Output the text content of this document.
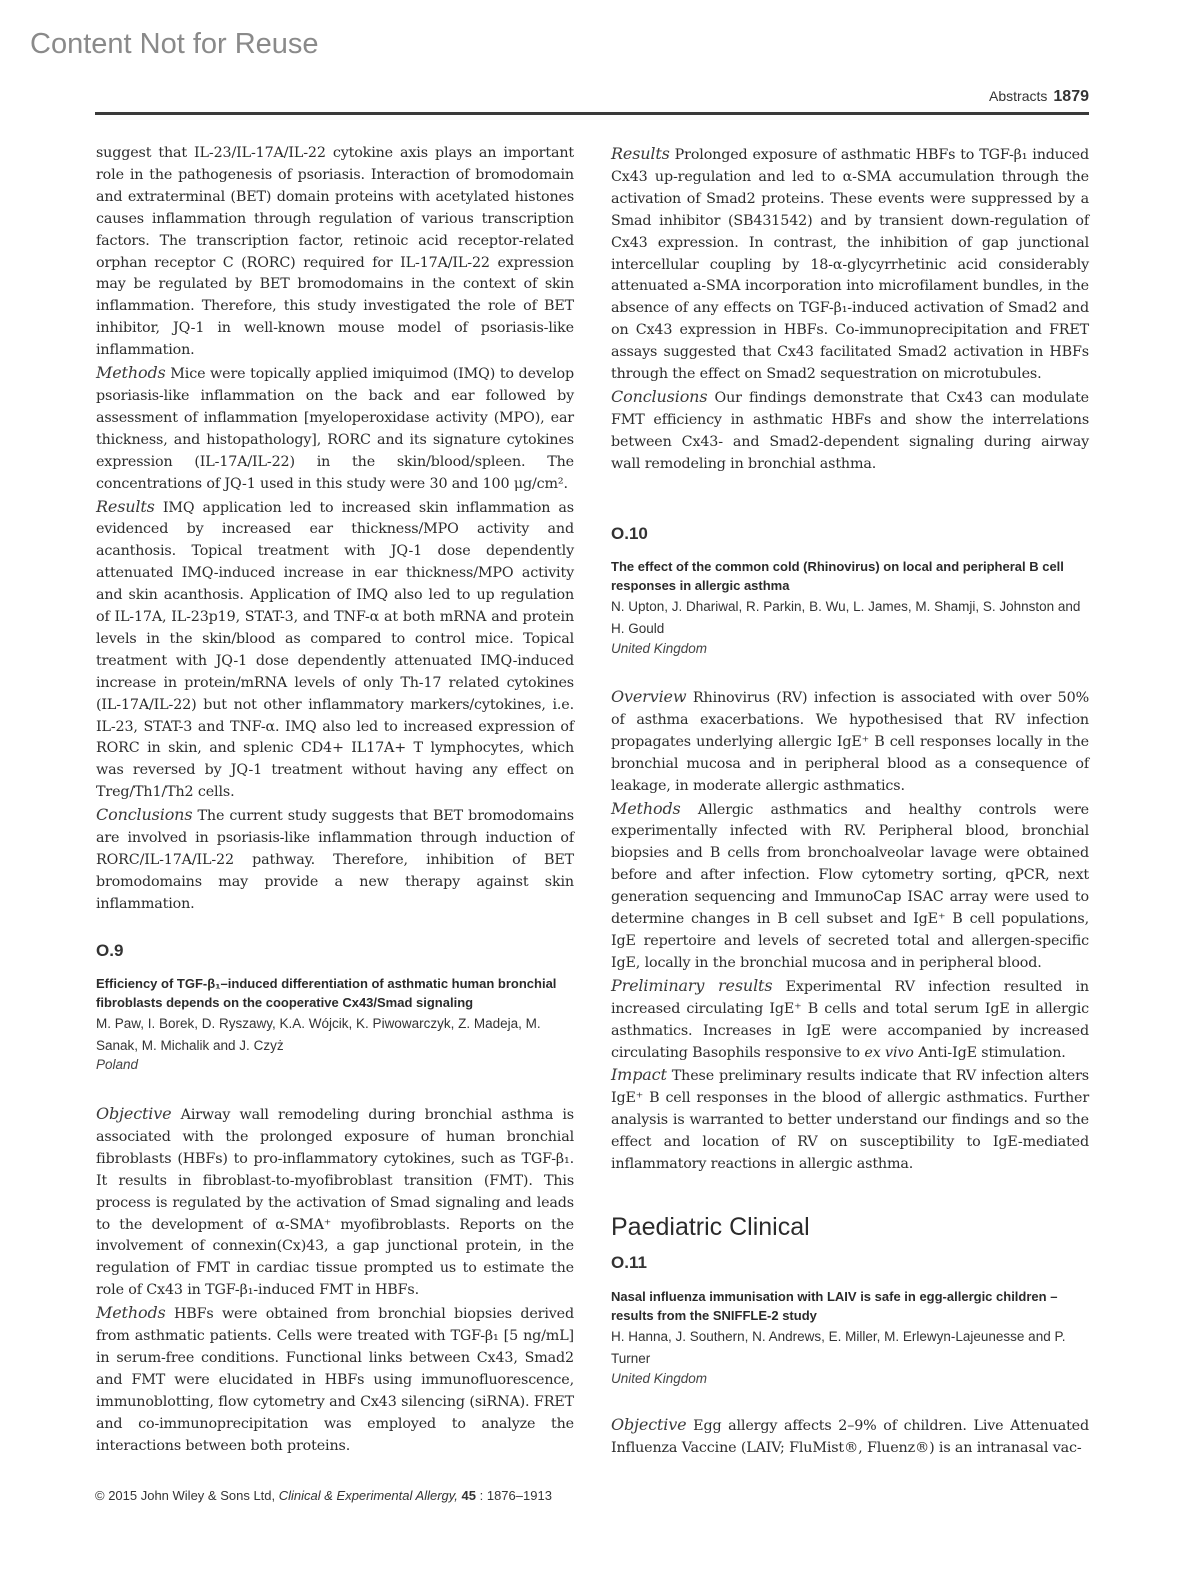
Content Not for Reuse
Abstracts 1879

suggest that IL-23/IL-17A/IL-22 cytokine axis plays an important role in the pathogenesis of psoriasis. Interaction of bromodomain and extraterminal (BET) domain proteins with acetylated histones causes inflammation through regulation of various transcription factors. The transcription factor, retinoic acid receptor-related orphan receptor C (RORC) required for IL-17A/IL-22 expression may be regulated by BET bromodomains in the context of skin inflammation. Therefore, this study investigated the role of BET inhibitor, JQ-1 in well-known mouse model of psoriasis-like inflammation.
Methods Mice were topically applied imiquimod (IMQ) to develop psoriasis-like inflammation on the back and ear followed by assessment of inflammation [myeloperoxidase activity (MPO), ear thickness, and histopathology], RORC and its signature cytokines expression (IL-17A/IL-22) in the skin/blood/spleen. The concentrations of JQ-1 used in this study were 30 and 100 μg/cm².
Results IMQ application led to increased skin inflammation as evidenced by increased ear thickness/MPO activity and acanthosis. Topical treatment with JQ-1 dose dependently attenuated IMQ-induced increase in ear thickness/MPO activity and skin acanthosis. Application of IMQ also led to up regulation of IL-17A, IL-23p19, STAT-3, and TNF-α at both mRNA and protein levels in the skin/blood as compared to control mice. Topical treatment with JQ-1 dose dependently attenuated IMQ-induced increase in protein/mRNA levels of only Th-17 related cytokines (IL-17A/IL-22) but not other inflammatory markers/cytokines, i.e. IL-23, STAT-3 and TNF-α. IMQ also led to increased expression of RORC in skin, and splenic CD4+ IL17A+ T lymphocytes, which was reversed by JQ-1 treatment without having any effect on Treg/Th1/Th2 cells.
Conclusions The current study suggests that BET bromodomains are involved in psoriasis-like inflammation through induction of RORC/IL-17A/IL-22 pathway. Therefore, inhibition of BET bromodomains may provide a new therapy against skin inflammation.

O.9

Efficiency of TGF-β₁–induced differentiation of asthmatic human bronchial fibroblasts depends on the cooperative Cx43/Smad signaling

M. Paw, I. Borek, D. Ryszawy, K.A. Wójcik, K. Piwowarczyk, Z. Madeja, M. Sanak, M. Michalik and J. Czyż

Poland

Objective Airway wall remodeling during bronchial asthma is associated with the prolonged exposure of human bronchial fibroblasts (HBFs) to pro-inflammatory cytokines, such as TGF-β₁. It results in fibroblast-to-myofibroblast transition (FMT). This process is regulated by the activation of Smad signaling and leads to the development of α-SMA⁺ myofibroblasts. Reports on the involvement of connexin(Cx)43, a gap junctional protein, in the regulation of FMT in cardiac tissue prompted us to estimate the role of Cx43 in TGF-β₁-induced FMT in HBFs.
Methods HBFs were obtained from bronchial biopsies derived from asthmatic patients. Cells were treated with TGF-β₁ [5 ng/mL] in serum-free conditions. Functional links between Cx43, Smad2 and FMT were elucidated in HBFs using immunofluorescence, immunoblotting, flow cytometry and Cx43 silencing (siRNA). FRET and co-immunoprecipitation was employed to analyze the interactions between both proteins.

Results Prolonged exposure of asthmatic HBFs to TGF-β₁ induced Cx43 up-regulation and led to α-SMA accumulation through the activation of Smad2 proteins. These events were suppressed by a Smad inhibitor (SB431542) and by transient down-regulation of Cx43 expression. In contrast, the inhibition of gap junctional intercellular coupling by 18-α-glycyrrhetinic acid considerably attenuated a-SMA incorporation into microfilament bundles, in the absence of any effects on TGF-β₁-induced activation of Smad2 and on Cx43 expression in HBFs. Co-immunoprecipitation and FRET assays suggested that Cx43 facilitated Smad2 activation in HBFs through the effect on Smad2 sequestration on microtubules.
Conclusions Our findings demonstrate that Cx43 can modulate FMT efficiency in asthmatic HBFs and show the interrelations between Cx43- and Smad2-dependent signaling during airway wall remodeling in bronchial asthma.

O.10

The effect of the common cold (Rhinovirus) on local and peripheral B cell responses in allergic asthma

N. Upton, J. Dhariwal, R. Parkin, B. Wu, L. James, M. Shamji, S. Johnston and H. Gould

United Kingdom

Overview Rhinovirus (RV) infection is associated with over 50% of asthma exacerbations. We hypothesised that RV infection propagates underlying allergic IgE⁺ B cell responses locally in the bronchial mucosa and in peripheral blood as a consequence of leakage, in moderate allergic asthmatics.
Methods Allergic asthmatics and healthy controls were experimentally infected with RV. Peripheral blood, bronchial biopsies and B cells from bronchoalveolar lavage were obtained before and after infection. Flow cytometry sorting, qPCR, next generation sequencing and ImmunoCap ISAC array were used to determine changes in B cell subset and IgE⁺ B cell populations, IgE repertoire and levels of secreted total and allergen-specific IgE, locally in the bronchial mucosa and in peripheral blood.
Preliminary results Experimental RV infection resulted in increased circulating IgE⁺ B cells and total serum IgE in allergic asthmatics. Increases in IgE were accompanied by increased circulating Basophils responsive to ex vivo Anti-IgE stimulation.
Impact These preliminary results indicate that RV infection alters IgE⁺ B cell responses in the blood of allergic asthmatics. Further analysis is warranted to better understand our findings and so the effect and location of RV on susceptibility to IgE-mediated inflammatory reactions in allergic asthma.

Paediatric Clinical
O.11

Nasal influenza immunisation with LAIV is safe in egg-allergic children – results from the SNIFFLE-2 study

H. Hanna, J. Southern, N. Andrews, E. Miller, M. Erlewyn-Lajeunesse and P. Turner

United Kingdom

Objective Egg allergy affects 2–9% of children. Live Attenuated Influenza Vaccine (LAIV; FluMist®, Fluenz®) is an intranasal vac-

© 2015 John Wiley & Sons Ltd, Clinical & Experimental Allergy, 45 : 1876–1913
